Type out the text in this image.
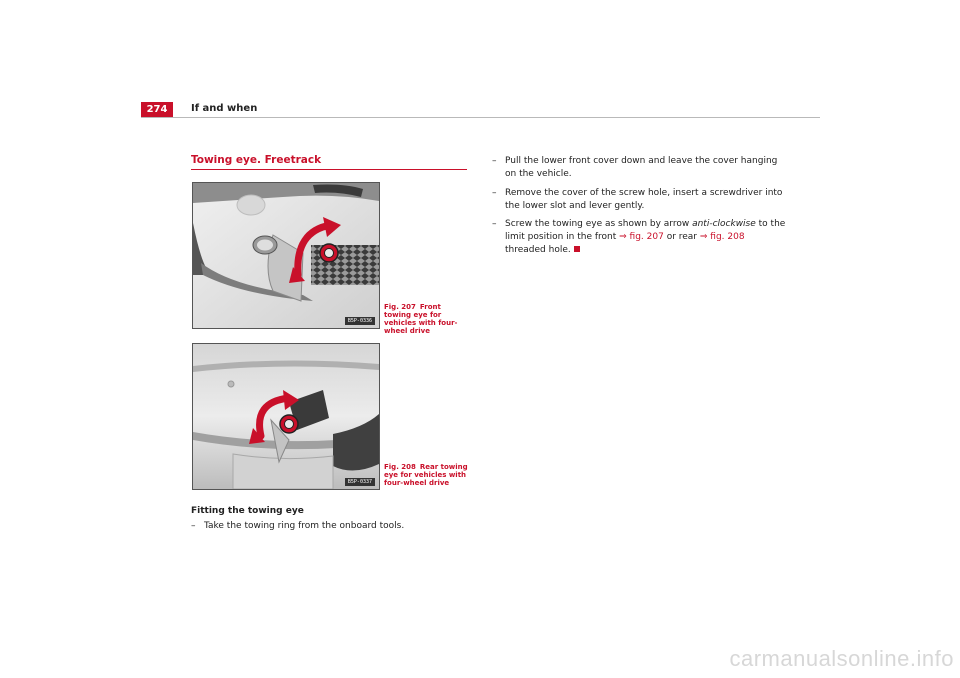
274	If and when
Towing eye. Freetrack
B5P-0336
Fig. 207 Front towing eye for vehicles with four-wheel drive
B5P-0337
Fig. 208 Rear towing eye for vehicles with four-wheel drive
Fitting the towing eye
– Take the towing ring from the onboard tools.
– Pull the lower front cover down and leave the cover hanging on the vehicle.
– Remove the cover of the screw hole, insert a screwdriver into the lower slot and lever gently.
– Screw the towing eye as shown by arrow anti-clockwise to the limit position in the front ⇒ fig. 207 or rear ⇒ fig. 208 threaded hole.
carmanualsonline.info
